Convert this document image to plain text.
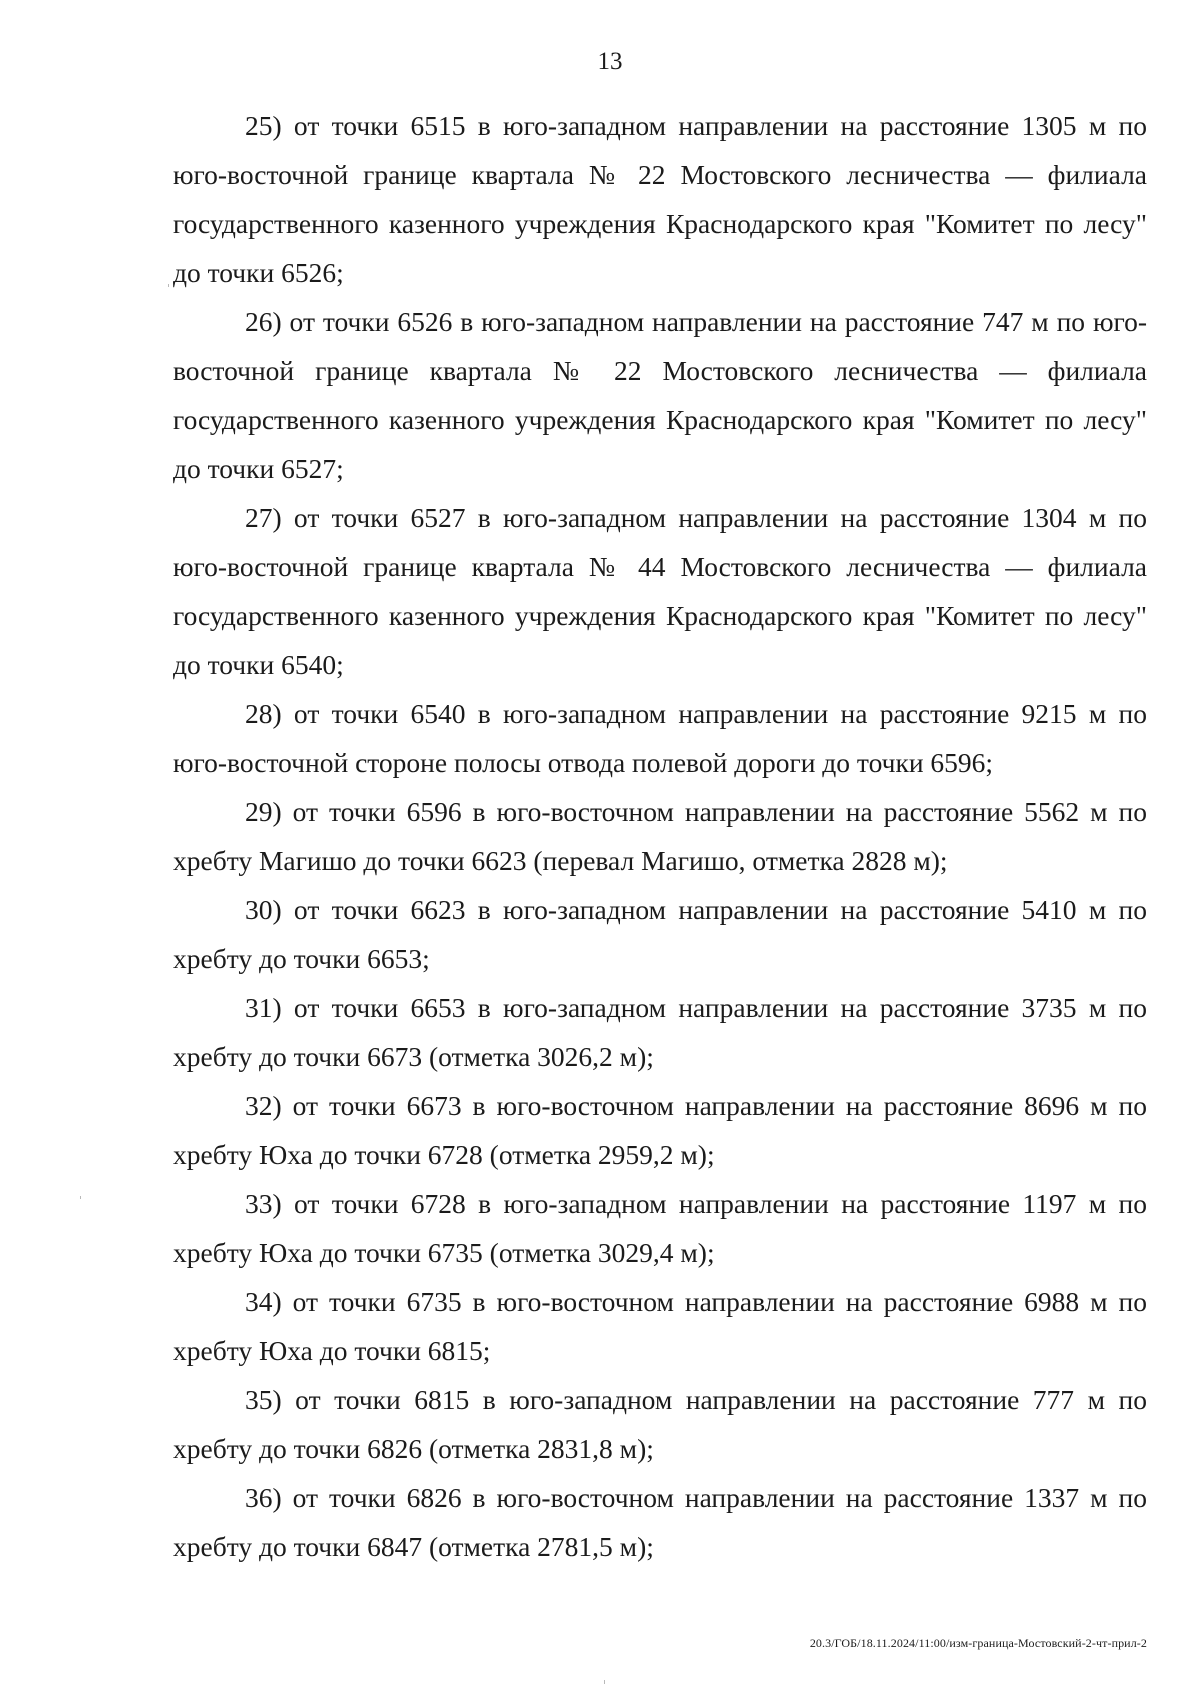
13

25) от точки 6515 в юго-западном направлении на расстояние 1305 м по юго-восточной границе квартала № 22 Мостовского лесничества — филиала государственного казенного учреждения Краснодарского края "Комитет по лесу" до точки 6526;

26) от точки 6526 в юго-западном направлении на расстояние 747 м по юго-восточной границе квартала № 22 Мостовского лесничества — филиала государственного казенного учреждения Краснодарского края "Комитет по лесу" до точки 6527;

27) от точки 6527 в юго-западном направлении на расстояние 1304 м по юго-восточной границе квартала № 44 Мостовского лесничества — филиала государственного казенного учреждения Краснодарского края "Комитет по лесу" до точки 6540;

28) от точки 6540 в юго-западном направлении на расстояние 9215 м по юго-восточной стороне полосы отвода полевой дороги до точки 6596;

29) от точки 6596 в юго-восточном направлении на расстояние 5562 м по хребту Магишо до точки 6623 (перевал Магишо, отметка 2828 м);

30) от точки 6623 в юго-западном направлении на расстояние 5410 м по хребту до точки 6653;

31) от точки 6653 в юго-западном направлении на расстояние 3735 м по хребту до точки 6673 (отметка 3026,2 м);

32) от точки 6673 в юго-восточном направлении на расстояние 8696 м по хребту Юха до точки 6728 (отметка 2959,2 м);

33) от точки 6728 в юго-западном направлении на расстояние 1197 м по хребту Юха до точки 6735 (отметка 3029,4 м);

34) от точки 6735 в юго-восточном направлении на расстояние 6988 м по хребту Юха до точки 6815;

35) от точки 6815 в юго-западном направлении на расстояние 777 м по хребту до точки 6826 (отметка 2831,8 м);

36) от точки 6826 в юго-восточном направлении на расстояние 1337 м по хребту до точки 6847 (отметка 2781,5 м);

20.3/ГОБ/18.11.2024/11:00/изм-граница-Мостовский-2-чт-прил-2
